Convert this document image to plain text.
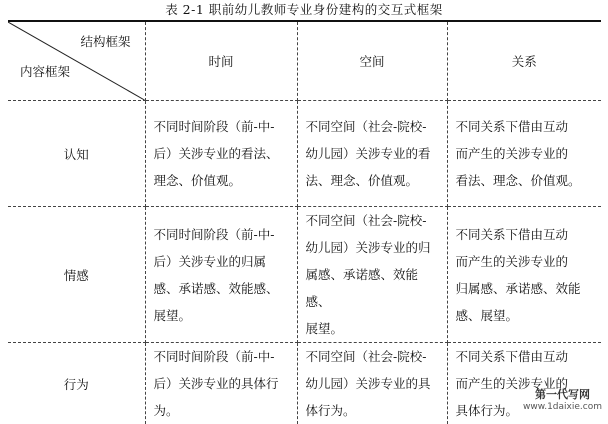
表 2-1 职前幼儿教师专业身份建构的交互式框架
结构框架
内容框架	时间	空间	关系
认知	不同时间阶段（前-中-
后）关涉专业的看法、
理念、价值观。	不同空间（社会-院校-
幼儿园）关涉专业的看
法、理念、价值观。	不同关系下借由互动
而产生的关涉专业的
看法、理念、价值观。

情感	不同时间阶段（前-中-
后）关涉专业的归属
感、承诺感、效能感、
展望。	不同空间（社会-院校-
幼儿园）关涉专业的归
属感、承诺感、效能感、
展望。	不同关系下借由互动
而产生的关涉专业的
归属感、承诺感、效能
感、展望。

行为	不同时间阶段（前-中-
后）关涉专业的具体行
为。	不同空间（社会-院校-
幼儿园）关涉专业的具
体行为。	不同关系下借由互动
而产生的关涉专业的
具体行为。
第一代写网
www.1daixie.com
